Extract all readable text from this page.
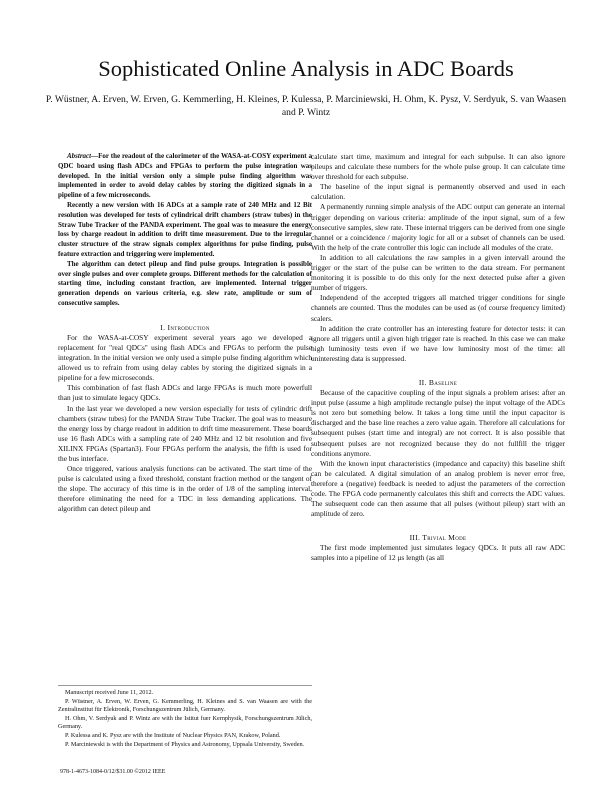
Sophisticated Online Analysis in ADC Boards
P. Wüstner, A. Erven, W. Erven, G. Kemmerling, H. Kleines, P. Kulessa, P. Marciniewski, H. Ohm, K. Pysz, V. Serdyuk, S. van Waasen and P. Wintz

Abstract—For the readout of the calorimeter of the WASA-at-COSY experiment a QDC board using flash ADCs and FPGAs to perform the pulse integration was developed. In the initial version only a simple pulse finding algorithm was implemented in order to avoid delay cables by storing the digitized signals in a pipeline of a few microseconds.

Recently a new version with 16 ADCs at a sample rate of 240 MHz and 12 Bit resolution was developed for tests of cylindrical drift chambers (straw tubes) in the Straw Tube Tracker of the PANDA experiment. The goal was to measure the energy loss by charge readout in addition to drift time measurement. Due to the irregular cluster structure of the straw signals complex algorithms for pulse finding, pulse feature extraction and triggering were implemented.

The algorithm can detect pileup and find pulse groups. Integration is possible over single pulses and over complete groups. Different methods for the calculation of starting time, including constant fraction, are implemented. Internal trigger generation depends on various criteria, e.g. slew rate, amplitude or sum of consecutive samples.

I. Introduction

For the WASA-at-COSY experiment several years ago we developed a replacement for "real QDCs" using flash ADCs and FPGAs to perform the pulse integration. In the initial version we only used a simple pulse finding algorithm which allowed us to refrain from using delay cables by storing the digitized signals in a pipeline for a few microseconds.

This combination of fast flash ADCs and large FPGAs is much more powerfull than just to simulate legacy QDCs.

In the last year we developed a new version especially for tests of cylindric drift chambers (straw tubes) for the PANDA Straw Tube Tracker. The goal was to measure the energy loss by charge readout in addition to drift time measurement. These boards use 16 flash ADCs with a sampling rate of 240 MHz and 12 bit resolution and five XILINX FPGAs (Spartan3). Four FPGAs perform the analysis, the fifth is used for the bus interface.

Once triggered, various analysis functions can be activated. The start time of the pulse is calculated using a fixed threshold, constant fraction method or the tangent of the slope. The accuracy of this time is in the order of 1/8 of the sampling interval, therefore eliminating the need for a TDC in less demanding applications. The algorithm can detect pileup and

Manuscript received June 11, 2012.

P. Wüstner, A. Erven, W. Erven, G. Kemmerling, H. Kleines and S. van Waasen are with the Zentralinstitut für Elektronik, Forschungszentrum Jülich, Germany.

H. Ohm, V. Serdyuk and P. Wintz are with the Istitut fuer Kernphysik, Forschungszentrum Jülich, Germany.

P. Kulessa and K. Pysz are with the Institute of Nuclear Physics PAN, Krakow, Poland.

P. Marciniewski is with the Department of Physics and Astronomy, Uppsala University, Sweden.

978-1-4673-1084-0/12/$31.00 ©2012 IEEE

calculate start time, maximum and integral for each subpulse. It can also ignore pileups and calculate these numbers for the whole pulse group. It can calculate time over threshold for each subpulse.

The baseline of the input signal is permanently observed and used in each calculation.

A permanently running simple analysis of the ADC output can generate an internal trigger depending on various criteria: amplitude of the input signal, sum of a few consecutive samples, slew rate. These internal triggers can be derived from one single channel or a coincidence / majority logic for all or a subset of channels can be used. With the help of the crate controller this logic can include all modules of the crate.

In addition to all calculations the raw samples in a given intervall around the trigger or the start of the pulse can be written to the data stream. For permanent monitoring it is possible to do this only for the next detected pulse after a given number of triggers.

Independend of the accepted triggers all matched trigger conditions for single channels are counted. Thus the modules can be used as (of course frequency limited) scalers.

In addition the crate controller has an interesting feature for detector tests: it can ignore all triggers until a given high trigger rate is reached. In this case we can make high luminosity tests even if we have low luminosity most of the time: all uninteresting data is suppressed.

II. Baseline

Because of the capacitive coupling of the input signals a problem arises: after an input pulse (assume a high amplitude rectangle pulse) the input voltage of the ADCs is not zero but something below. It takes a long time until the input capacitor is discharged and the base line reaches a zero value again. Therefore all calculations for subsequent pulses (start time and integral) are not correct. It is also possible that subsequent pulses are not recognized because they do not fullfill the trigger conditions anymore.

With the known input characteristics (impedance and capacity) this baseline shift can be calculated. A digital simulation of an analog problem is never error free, therefore a (negative) feedback is needed to adjust the parameters of the correction code. The FPGA code permanently calculates this shift and corrects the ADC values. The subsequent code can then assume that all pulses (without pileup) start with an amplitude of zero.

III. Trivial Mode

The first mode implemented just simulates legacy QDCs. It puts all raw ADC samples into a pipeline of 12 μs length (as all
